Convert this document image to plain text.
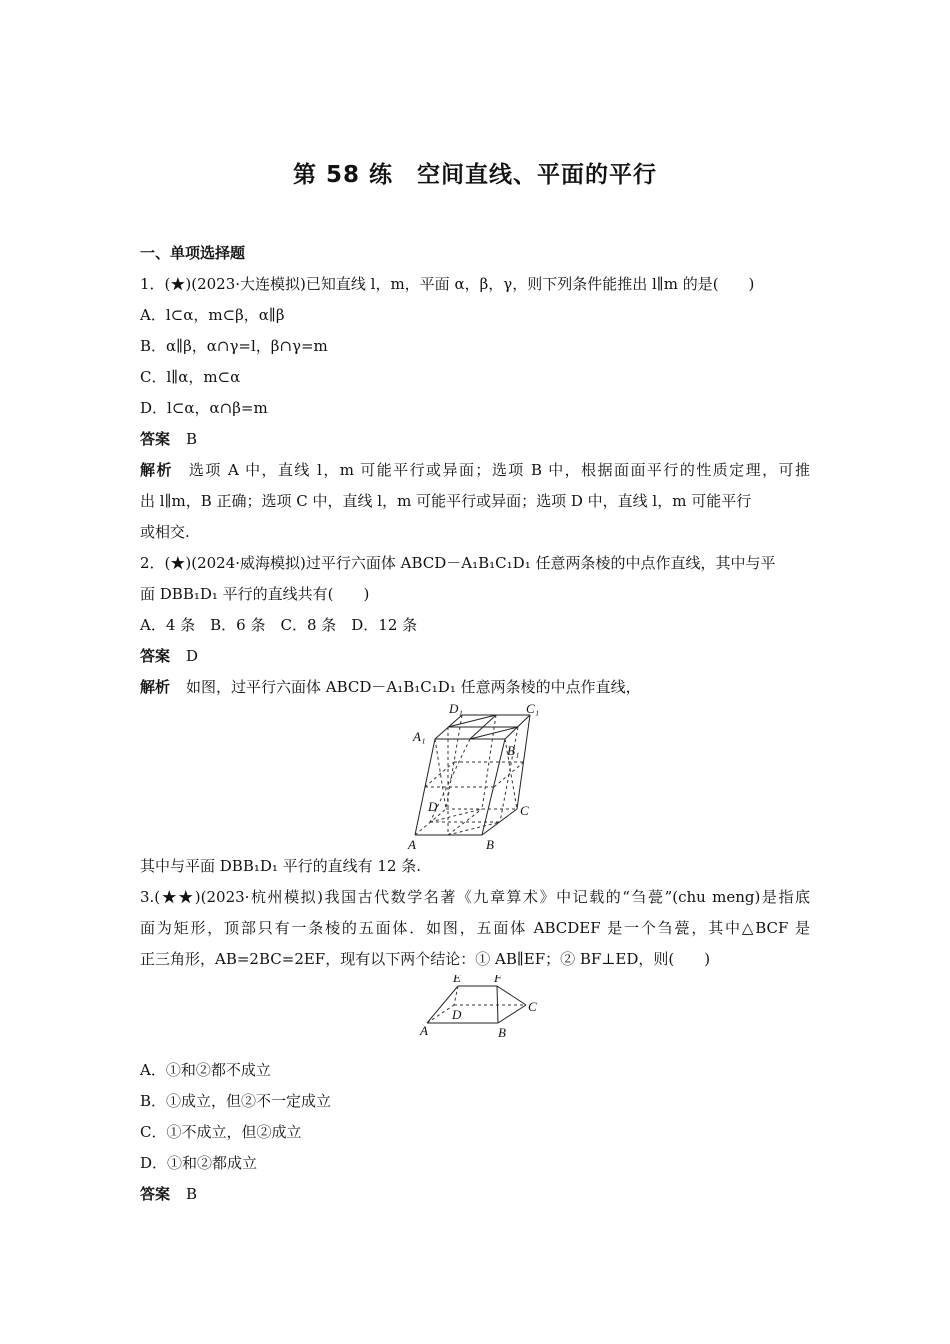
第 58 练　空间直线、平面的平行
一、单项选择题
1．(★)(2023·大连模拟)已知直线 l，m，平面 α，β，γ，则下列条件能推出 l∥m 的是(　　)
A．l⊂α，m⊂β，α∥β
B．α∥β，α∩γ=l，β∩γ=m
C．l∥α，m⊂α
D．l⊂α，α∩β=m
答案 B
解析 选项 A 中，直线 l，m 可能平行或异面；选项 B 中，根据面面平行的性质定理，可推
出 l∥m，B 正确；选项 C 中，直线 l，m 可能平行或异面；选项 D 中，直线 l，m 可能平行
或相交.
2．(★)(2024·威海模拟)过平行六面体 ABCD－A₁B₁C₁D₁ 任意两条棱的中点作直线，其中与平
面 DBB₁D₁ 平行的直线共有(　　)
A．4 条　B．6 条　C．8 条　D．12 条
答案 D
解析 如图，过平行六面体 ABCD－A₁B₁C₁D₁ 任意两条棱的中点作直线，
A	B
C
D
A₁
B₁
C₁
D₁
其中与平面 DBB₁D₁ 平行的直线有 12 条.
3.(★★)(2023·杭州模拟)我国古代数学名著《九章算术》中记载的“刍甍”(chu meng)是指底
面为矩形，顶部只有一条棱的五面体．如图，五面体 ABCDEF 是一个刍甍，其中△BCF 是
正三角形，AB=2BC=2EF，现有以下两个结论：① AB∥EF；② BF⊥ED，则(　　)
A	B
C
D
E	F
A．①和②都不成立
B．①成立，但②不一定成立
C．①不成立，但②成立
D．①和②都成立
答案 B
